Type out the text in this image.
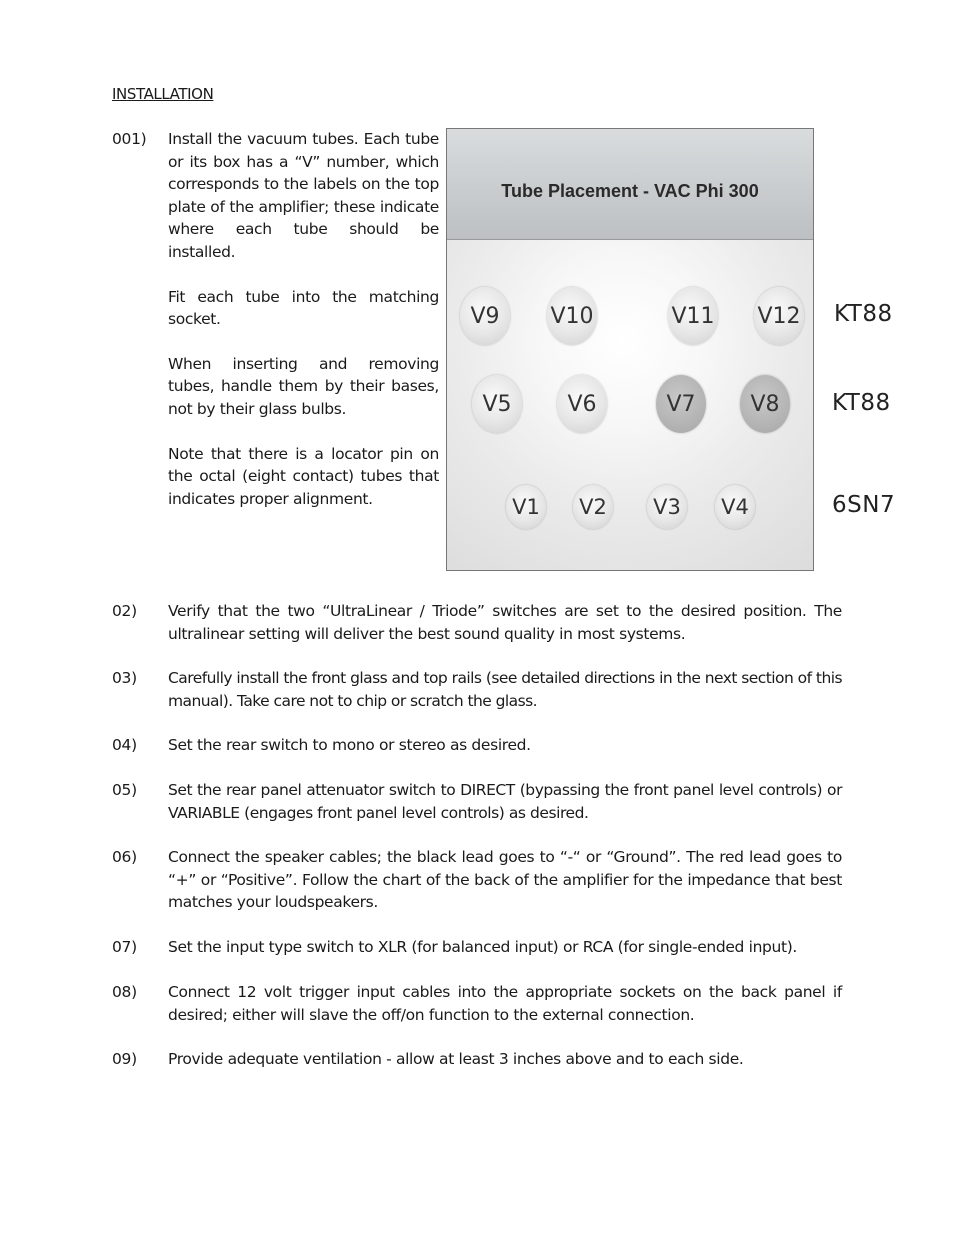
INSTALLATION
001) Install the vacuum tubes. Each tube or its box has a “V” number, which corresponds to the labels on the top plate of the amplifier; these indicate where each tube should be installed.

Fit each tube into the matching socket.

When inserting and removing tubes, handle them by their bases, not by their glass bulbs.

Note that there is a locator pin on the octal (eight contact) tubes that indicates proper alignment.

Tube Placement - VAC Phi 300
V9	V10	V11 V12
V5	V6	V7	V8
V1 V2 V3 V4
KT88
KT88
6SN7
02) Verify that the two “UltraLinear / Triode” switches are set to the desired position. The ultralinear setting will deliver the best sound quality in most systems.
03) Carefully install the front glass and top rails (see detailed directions in the next section of this manual). Take care not to chip or scratch the glass.
04) Set the rear switch to mono or stereo as desired.
05) Set the rear panel attenuator switch to DIRECT (bypassing the front panel level controls) or VARIABLE (engages front panel level controls) as desired.
06) Connect the speaker cables; the black lead goes to “-“ or “Ground”. The red lead goes to “+” or “Positive”. Follow the chart of the back of the amplifier for the impedance that best matches your loudspeakers.
07) Set the input type switch to XLR (for balanced input) or RCA (for single-ended input).
08) Connect 12 volt trigger input cables into the appropriate sockets on the back panel if desired; either will slave the off/on function to the external connection.
09) Provide adequate ventilation - allow at least 3 inches above and to each side.
